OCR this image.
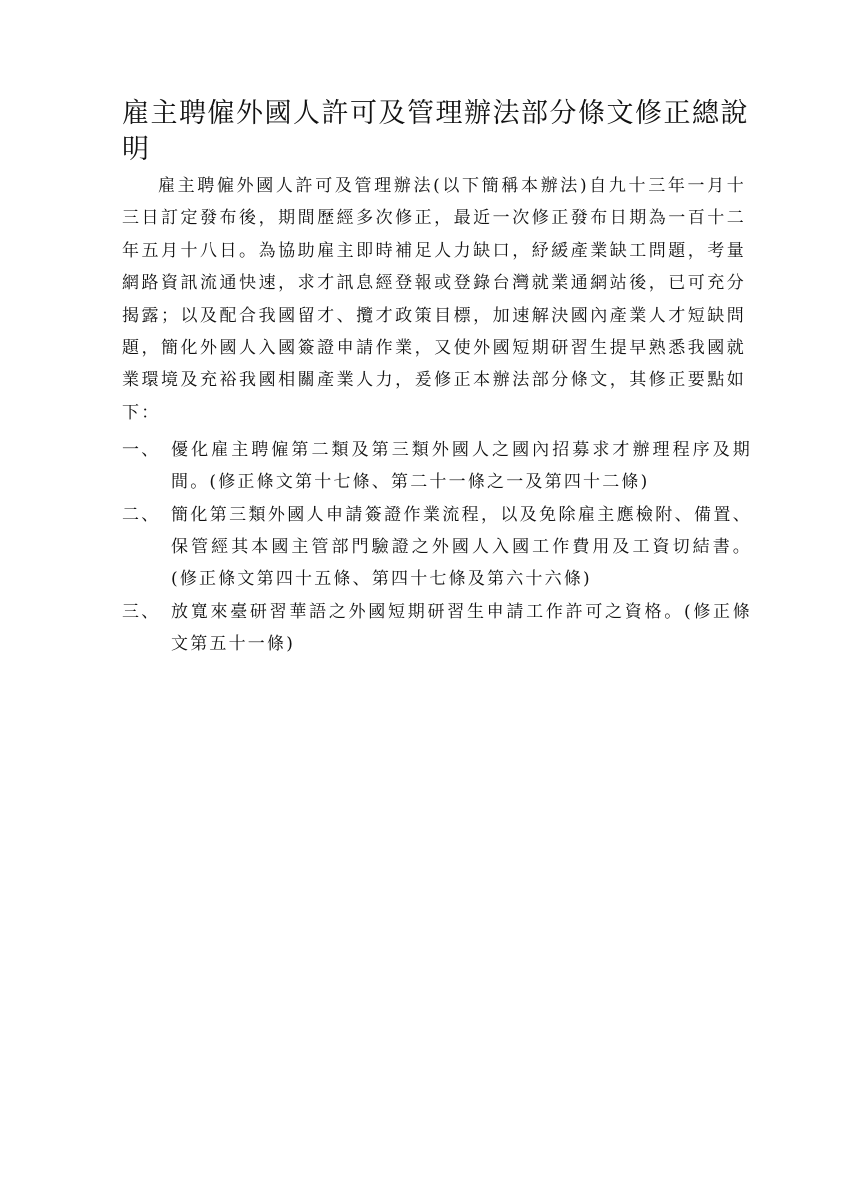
雇主聘僱外國人許可及管理辦法部分條文修正總說明

雇主聘僱外國人許可及管理辦法(以下簡稱本辦法)自九十三年一月十三日訂定發布後，期間歷經多次修正，最近一次修正發布日期為一百十二年五月十八日。為協助雇主即時補足人力缺口，紓緩產業缺工問題，考量網路資訊流通快速，求才訊息經登報或登錄台灣就業通網站後，已可充分揭露；以及配合我國留才、攬才政策目標，加速解決國內產業人才短缺問題，簡化外國人入國簽證申請作業，又使外國短期研習生提早熟悉我國就業環境及充裕我國相關產業人力，爰修正本辦法部分條文，其修正要點如下：

一、 優化雇主聘僱第二類及第三類外國人之國內招募求才辦理程序及期間。(修正條文第十七條、第二十一條之一及第四十二條)
二、 簡化第三類外國人申請簽證作業流程，以及免除雇主應檢附、備置、保管經其本國主管部門驗證之外國人入國工作費用及工資切結書。(修正條文第四十五條、第四十七條及第六十六條)
三、 放寬來臺研習華語之外國短期研習生申請工作許可之資格。(修正條文第五十一條)
